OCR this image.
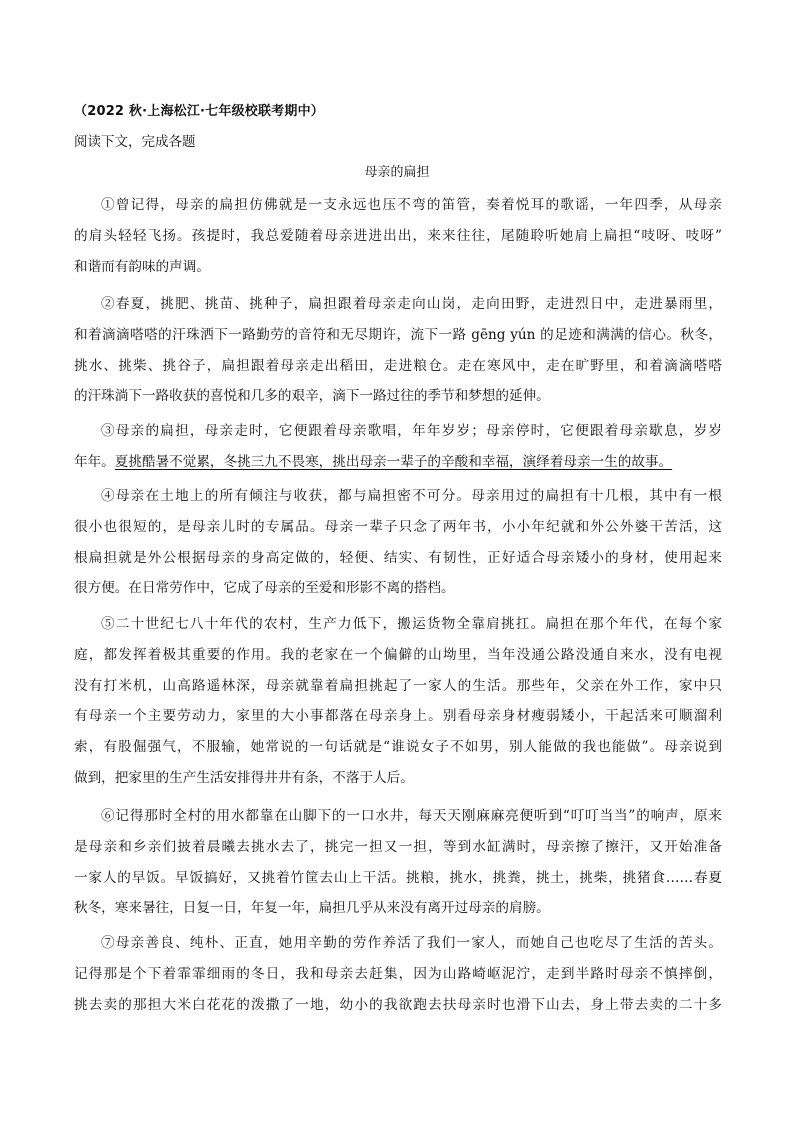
（2022 秋·上海松江·七年级校联考期中）
阅读下文，完成各题
母亲的扁担
①曾记得，母亲的扁担仿佛就是一支永远也压不弯的笛管，奏着悦耳的歌谣，一年四季，从母亲
的肩头轻轻飞扬。孩提时，我总爱随着母亲进进出出，来来往往，尾随聆听她肩上扁担“吱呀、吱呀”
和谐而有韵味的声调。
②春夏，挑肥、挑苗、挑种子，扁担跟着母亲走向山岗，走向田野，走进烈日中，走进暴雨里，
和着滴滴嗒嗒的汗珠洒下一路勤劳的音符和无尽期许，流下一路 gēng yún 的足迹和满满的信心。秋冬，
挑水、挑柴、挑谷子，扁担跟着母亲走出稻田，走进粮仓。走在寒风中，走在旷野里，和着滴滴嗒嗒
的汗珠淌下一路收获的喜悦和几多的艰辛，滴下一路过往的季节和梦想的延伸。
③母亲的扁担，母亲走时，它便跟着母亲歌唱，年年岁岁；母亲停时，它便跟着母亲歇息，岁岁
年年。夏挑酷暑不觉累，冬挑三九不畏寒，挑出母亲一辈子的辛酸和幸福，演绎着母亲一生的故事。
④母亲在土地上的所有倾注与收获，都与扁担密不可分。母亲用过的扁担有十几根，其中有一根
很小也很短的，是母亲儿时的专属品。母亲一辈子只念了两年书，小小年纪就和外公外婆干苦活，这
根扁担就是外公根据母亲的身高定做的，轻便、结实、有韧性，正好适合母亲矮小的身材，使用起来
很方便。在日常劳作中，它成了母亲的至爱和形影不离的搭档。
⑤二十世纪七八十年代的农村，生产力低下，搬运货物全靠肩挑扛。扁担在那个年代，在每个家
庭，都发挥着极其重要的作用。我的老家在一个偏僻的山坳里，当年没通公路没通自来水，没有电视
没有打米机，山高路遥林深，母亲就靠着扁担挑起了一家人的生活。那些年，父亲在外工作，家中只
有母亲一个主要劳动力，家里的大小事都落在母亲身上。别看母亲身材瘦弱矮小，干起活来可顺溜利
索，有股倔强气，不服输，她常说的一句话就是“谁说女子不如男，别人能做的我也能做”。母亲说到
做到，把家里的生产生活安排得井井有条，不落于人后。
⑥记得那时全村的用水都靠在山脚下的一口水井，每天天刚麻麻亮便听到“叮叮当当”的响声，原来
是母亲和乡亲们披着晨曦去挑水去了，挑完一担又一担，等到水缸满时，母亲擦了擦汗，又开始准备
一家人的早饭。早饭搞好，又挑着竹筐去山上干活。挑粮，挑水，挑粪，挑土，挑柴，挑猪食……春夏
秋冬，寒来暑往，日复一日，年复一年，扁担几乎从来没有离开过母亲的肩膀。
⑦母亲善良、纯朴、正直，她用辛勤的劳作养活了我们一家人，而她自己也吃尽了生活的苦头。
记得那是个下着霏霏细雨的冬日，我和母亲去赶集，因为山路崎岖泥泞，走到半路时母亲不慎摔倒，
挑去卖的那担大米白花花的泼撒了一地，幼小的我欲跑去扶母亲时也滑下山去，身上带去卖的二十多
